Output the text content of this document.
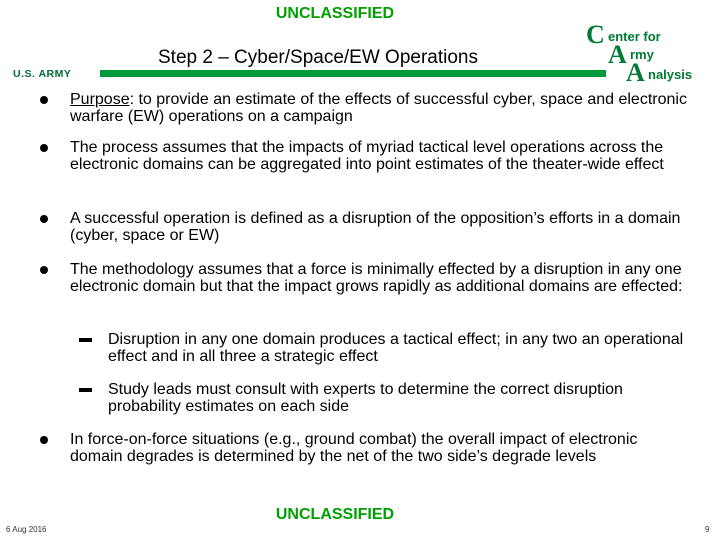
UNCLASSIFIED
U.S. ARMY
Step 2 – Cyber/Space/EW Operations
C enter for
A rmy
A nalysis
Purpose: to provide an estimate of the effects of successful cyber, space and electronic warfare (EW) operations on a campaign
The process assumes that the impacts of myriad tactical level operations across the electronic domains can be aggregated into point estimates of the theater-wide effect
A successful operation is defined as a disruption of the opposition’s efforts in a domain (cyber, space or EW)
The methodology assumes that a force is minimally effected by a disruption in any one electronic domain but that the impact grows rapidly as additional domains are effected:
Disruption in any one domain produces a tactical effect; in any two an operational effect and in all three a strategic effect
Study leads must consult with experts to determine the correct disruption probability estimates on each side
In force-on-force situations (e.g., ground combat) the overall impact of electronic domain degrades is determined by the net of the two side’s degrade levels
UNCLASSIFIED
6 Aug 2016	9
